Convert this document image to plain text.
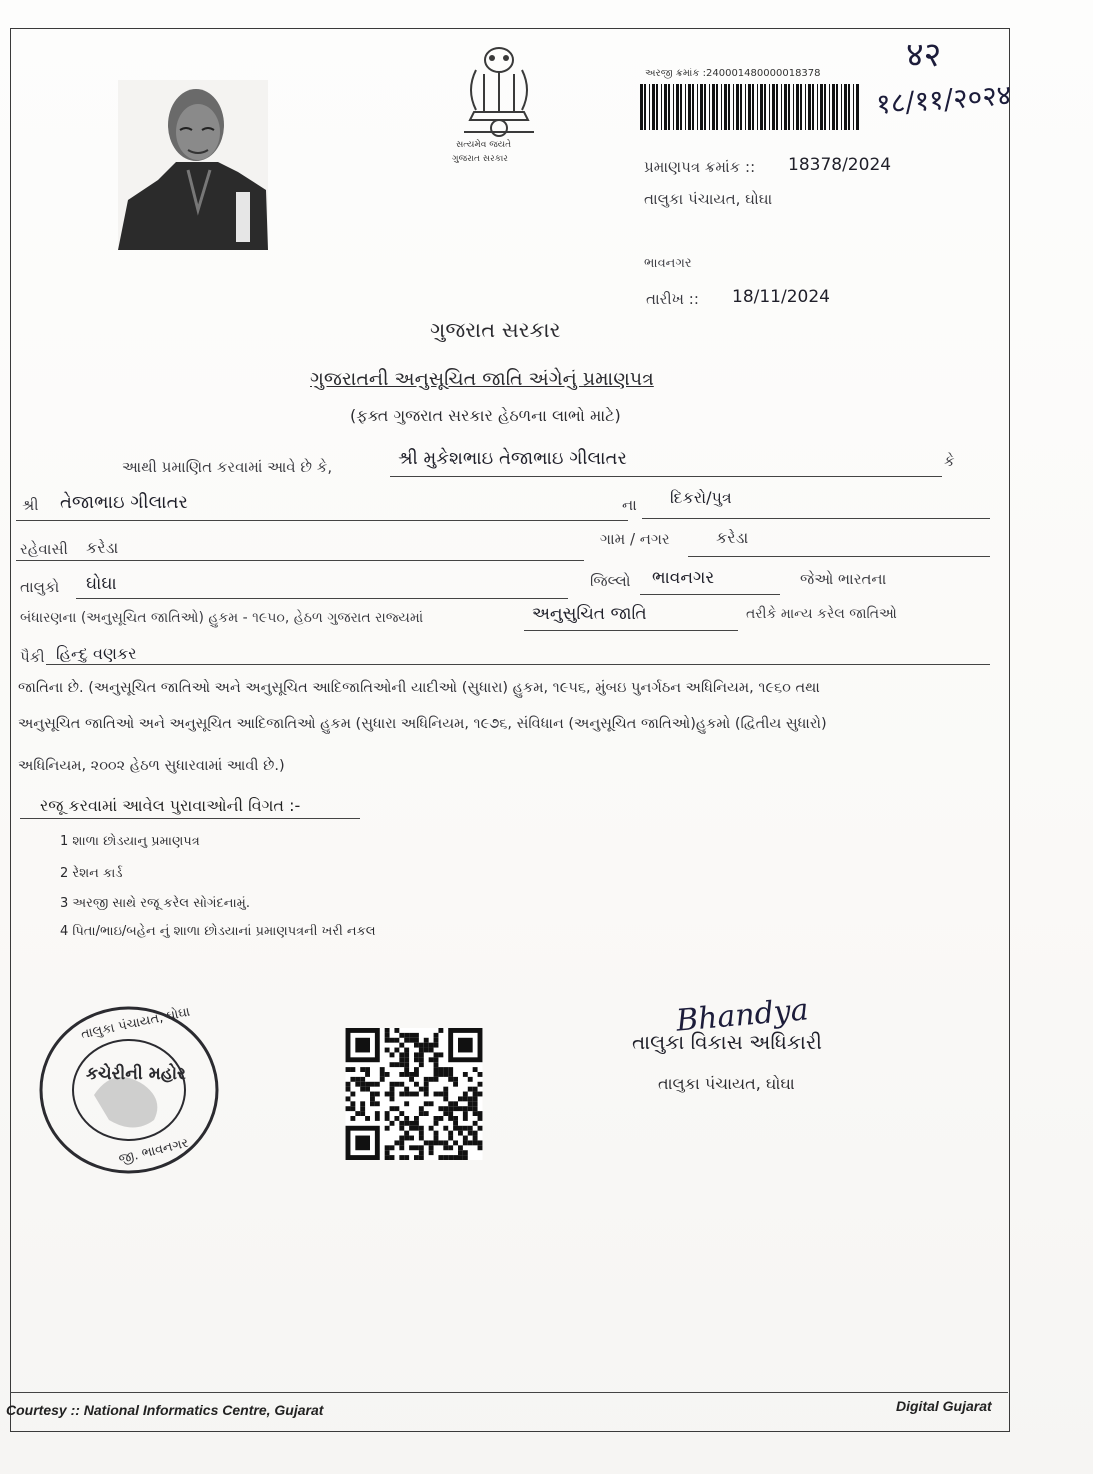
સત્યમેવ જયતે
ગુજરાત સરકાર
અરજી ક્રમાંક : 240001480000018378	४२
१८/११/२०२४
પ્રમાણપત્ર ક્રમાંક :: 18378/2024
તાલુકા પંચાયત, ઘોઘા
ભાવનગર
તારીખ :: 18/11/2024
ગુજરાત સરકાર
ગુજરાતની અનુસૂચિત જાતિ અંગેનું પ્રમાણપત્ર
(ફક્ત ગુજરાત સરકાર હેઠળના લાભો માટે)
આથી પ્રમાણિત કરવામાં આવે છે કે,	શ્રી મુકેશભાઇ તેજાભાઇ ગીલાતર	કે
શ્રી તેજાભાઇ ગીલાતર	ના દિકરો/પુત્ર
રહેવાસી કરેડા	ગામ / નગર	કરેડા
તાલુકો ઘોઘા	જિલ્લો ભાવનગર	જેઓ ભારતના
બંધારણના (અનુસૂચિત જાતિઓ) હુકમ - ૧૯૫૦, હેઠળ ગુજરાત રાજ્યમાં	અનુસુચિત જાતિ	તરીકે માન્ય કરેલ જાતિઓ
પૈકી હિન્દુ વણકર
જાતિના છે. (અનુસૂચિત જાતિઓ અને અનુસૂચિત આદિજાતિઓની યાદીઓ (સુધારા) હુકમ, ૧૯૫૬, મુંબઇ પુનર્ગઠન અધિનિયમ, ૧૯૬૦ તથા
અનુસૂચિત જાતિઓ અને અનુસૂચિત આદિજાતિઓ હુકમ (સુધારા અધિનિયમ, ૧૯૭૬, સંવિધાન (અનુસૂચિત જાતિઓ)હુકમો (દ્વિતીય સુધારો)
અધિનિયમ, ૨૦૦૨ હેઠળ સુધારવામાં આવી છે.)
રજૂ કરવામાં આવેલ પુરાવાઓની વિગત :-
1 શાળા છોડયાનુ પ્રમાણપત્ર
2 રેશન કાર્ડ
3 અરજી સાથે રજૂ કરેલ સોગંદનામું.
4 પિતા/ભાઇ/બહેન નું શાળા છોડયાનાં પ્રમાણપત્રની ખરી નકલ
તાલુકા પંચાયત, ઘોઘા
કચેરીની મહોર
જી. ભાવનગર
Bhandya
તાલુકા વિકાસ અધિકારી
તાલુકા પંચાયત, ઘોઘા
Courtesy :: National Informatics Centre, Gujarat	Digital Gujarat
